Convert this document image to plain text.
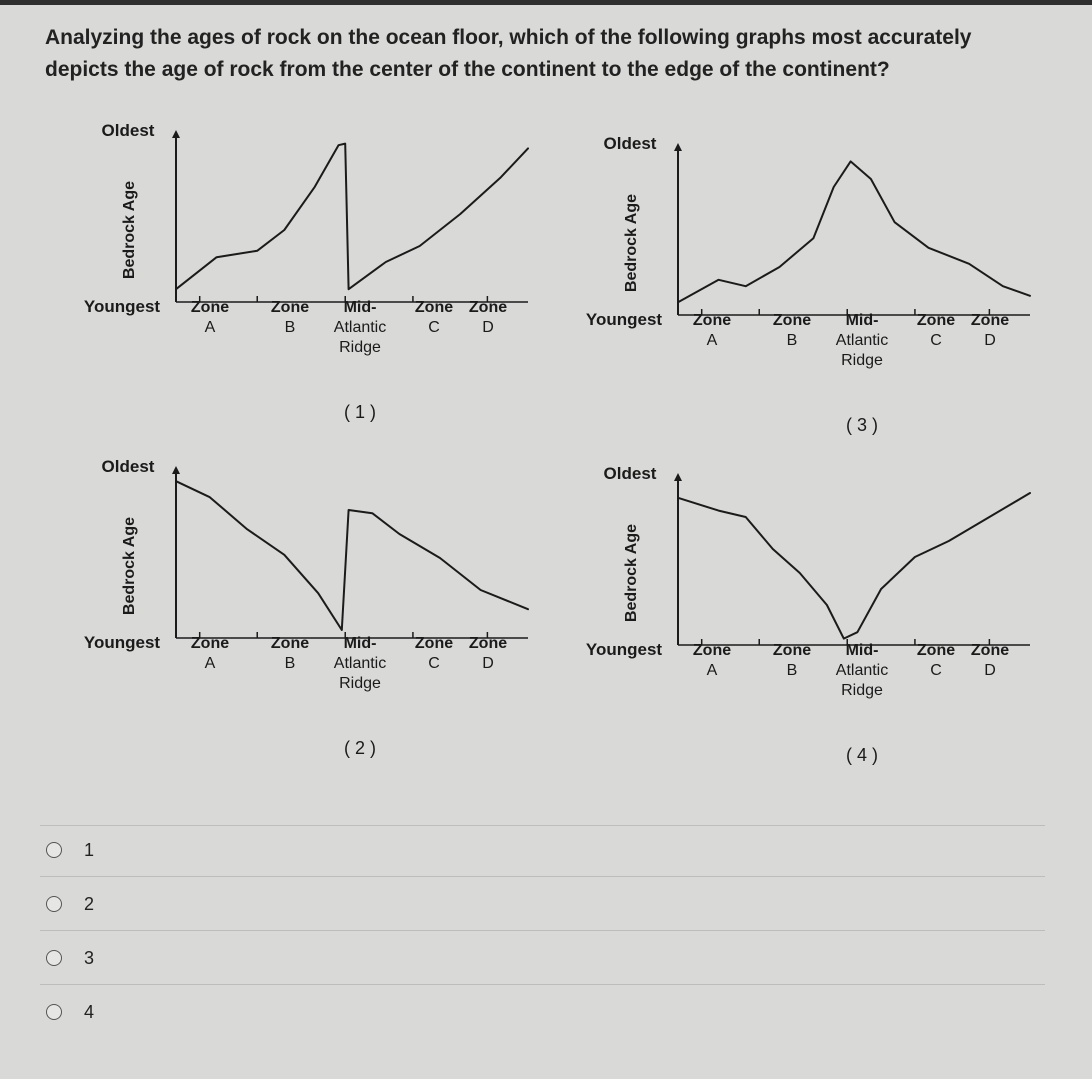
Analyzing the ages of rock on the ocean floor, which of the following graphs most accurately depicts the age of rock from the center of the continent to the edge of the continent?
Oldest
Youngest
Bedrock Age
Zone
A
Zone
B
Mid-
Atlantic
Ridge
Zone
C
Zone
D
( 1 )
Oldest
Youngest
Bedrock Age
Zone
A
Zone
B
Mid-
Atlantic
Ridge
Zone
C
Zone
D
( 2 )
Oldest
Youngest
Bedrock Age
Zone
A
Zone
B
Mid-
Atlantic
Ridge
Zone
C
Zone
D
( 3 )
Oldest
Youngest
Bedrock Age
Zone
A
Zone
B
Mid-
Atlantic
Ridge
Zone
C
Zone
D
( 4 )
1
2
3
4
